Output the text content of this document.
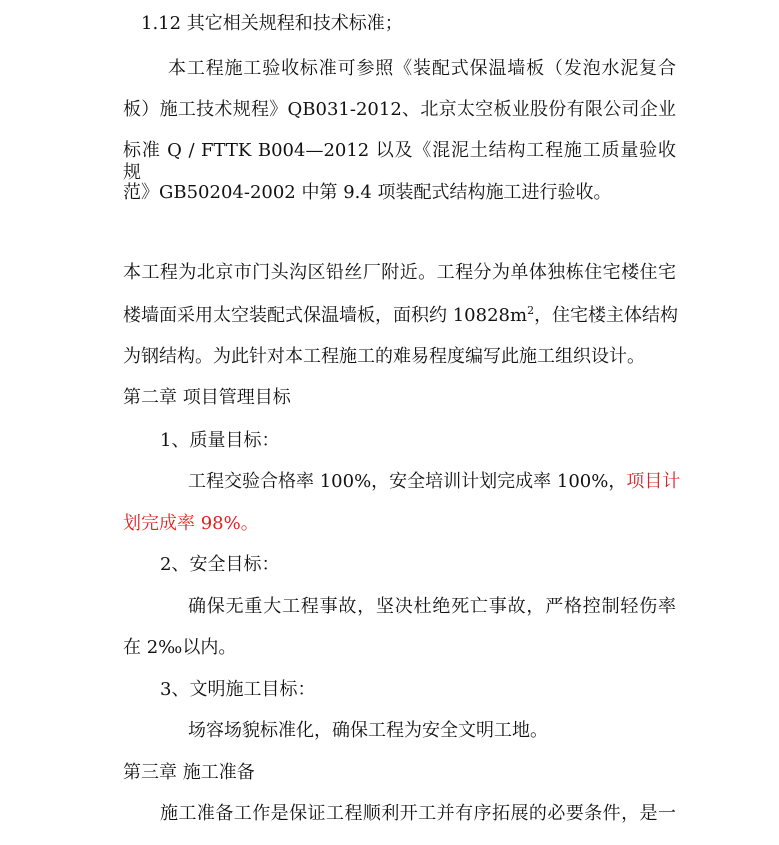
1.12 其它相关规程和技术标准；
本工程施工验收标准可参照《装配式保温墙板（发泡水泥复合
板）施工技术规程》QB031-2012、北京太空板业股份有限公司企业
标准 Q / FTTK B004—2012 以及《混泥土结构工程施工质量验收规
范》GB50204-2002 中第 9.4 项装配式结构施工进行验收。
本工程为北京市门头沟区铅丝厂附近。工程分为单体独栋住宅楼住宅
楼墙面采用太空装配式保温墙板，面积约 $10828m^2$，住宅楼主体结构
为钢结构。为此针对本工程施工的难易程度编写此施工组织设计。
第二章 项目管理目标
1、质量目标：
工程交验合格率 100%，安全培训计划完成率 100%，项目计
划完成率 98%。
2、安全目标：
确保无重大工程事故，坚决杜绝死亡事故，严格控制轻伤率
在 2‰以内。
3、文明施工目标：
场容场貌标准化，确保工程为安全文明工地。
第三章 施工准备
施工准备工作是保证工程顺利开工并有序拓展的必要条件，是一
